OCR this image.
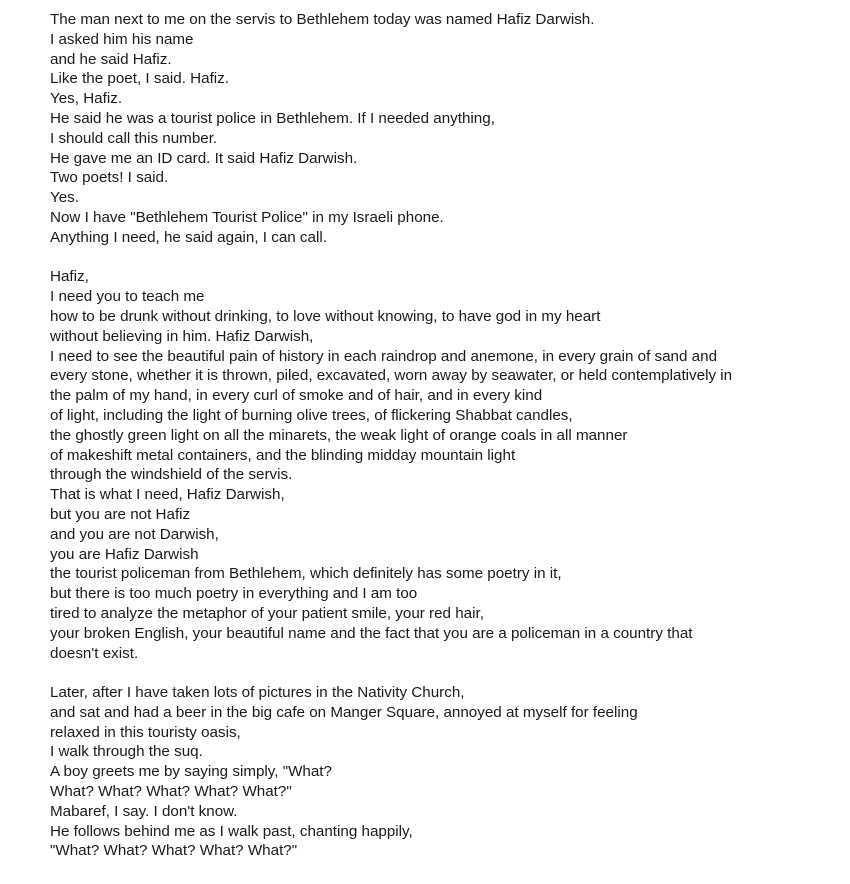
The man next to me on the servis to Bethlehem today was named Hafiz Darwish.
I asked him his name
and he said Hafiz.
Like the poet, I said. Hafiz.
Yes, Hafiz.
He said he was a tourist police in Bethlehem. If I needed anything,
I should call this number.
He gave me an ID card. It said Hafiz Darwish.
Two poets! I said.
Yes.
Now I have "Bethlehem Tourist Police" in my Israeli phone.
Anything I need, he said again, I can call.
Hafiz,
I need you to teach me
how to be drunk without drinking, to love without knowing, to have god in my heart
without believing in him. Hafiz Darwish,
I need to see the beautiful pain of history in each raindrop and anemone, in every grain of sand and
every stone, whether it is thrown, piled, excavated, worn away by seawater, or held contemplatively in
the palm of my hand, in every curl of smoke and of hair, and in every kind
of light, including the light of burning olive trees, of flickering Shabbat candles,
the ghostly green light on all the minarets, the weak light of orange coals in all manner
of makeshift metal containers, and the blinding midday mountain light
through the windshield of the servis.
That is what I need, Hafiz Darwish,
but you are not Hafiz
and you are not Darwish,
you are Hafiz Darwish
the tourist policeman from Bethlehem, which definitely has some poetry in it,
but there is too much poetry in everything and I am too
tired to analyze the metaphor of your patient smile, your red hair,
your broken English, your beautiful name and the fact that you are a policeman in a country that
doesn't exist.
Later, after I have taken lots of pictures in the Nativity Church,
and sat and had a beer in the big cafe on Manger Square, annoyed at myself for feeling
relaxed in this touristy oasis,
I walk through the suq.
A boy greets me by saying simply, "What?
What? What? What? What? What?"
Mabaref, I say. I don't know.
He follows behind me as I walk past, chanting happily,
"What? What? What? What? What?"
